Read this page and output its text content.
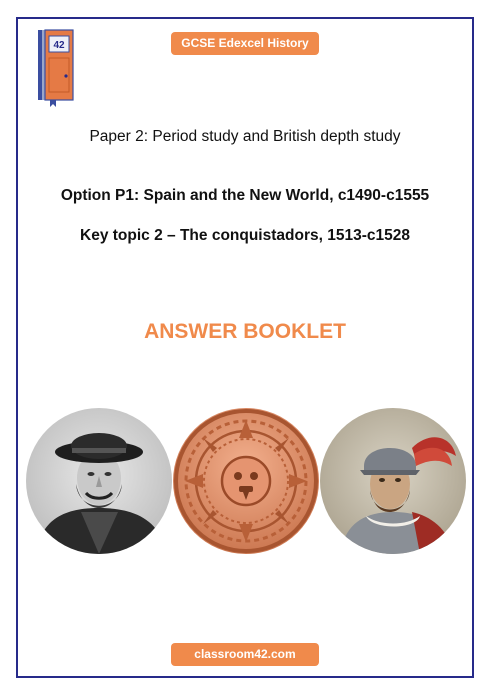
42	GCSE Edexcel History
Paper 2: Period study and British depth study
Option P1: Spain and the New World, c1490-c1555
Key topic 2 – The conquistadors, 1513-c1528
ANSWER BOOKLET
classroom42.com
